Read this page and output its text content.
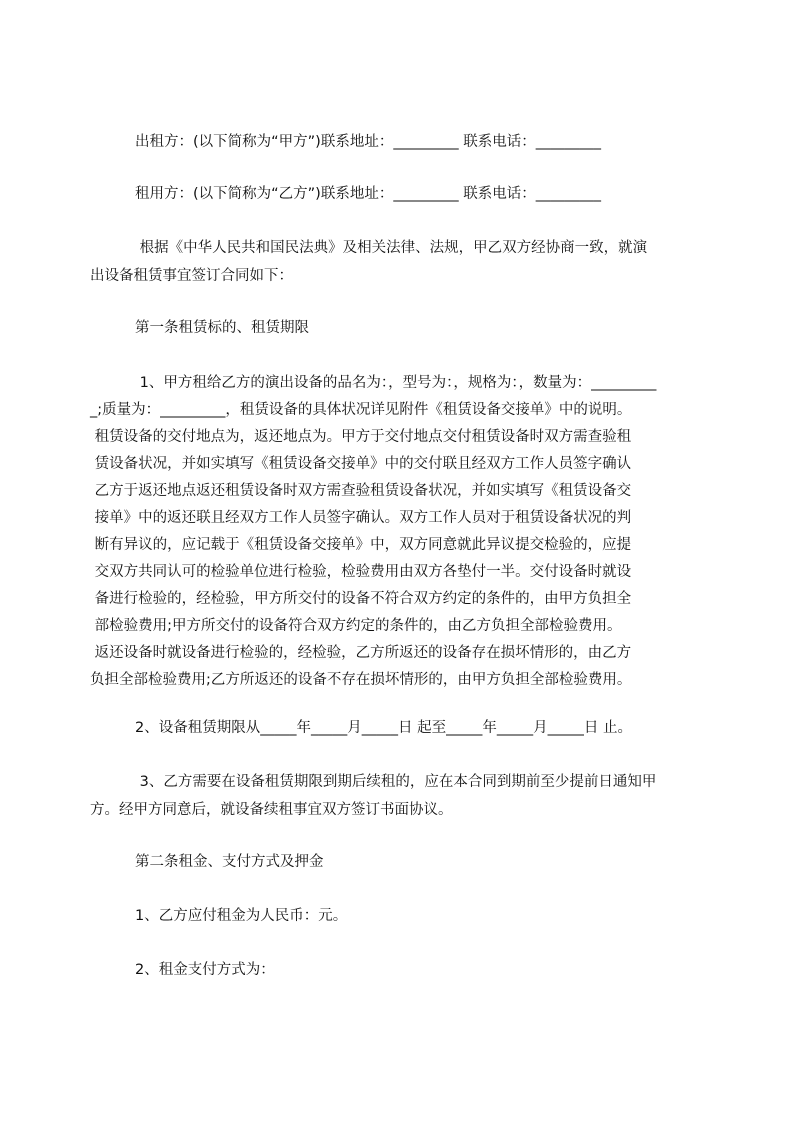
出租方：(以下简称为“甲方”)联系地址：_________ 联系电话：_________
租用方：(以下简称为“乙方”)联系地址：_________ 联系电话：_________
根据《中华人民共和国民法典》及相关法律、法规，甲乙双方经协商一致，就演
出设备租赁事宜签订合同如下：
第一条租赁标的、租赁期限
1、甲方租给乙方的演出设备的品名为：，型号为：，规格为：，数量为：_________
_;质量为：_________，租赁设备的具体状况详见附件《租赁设备交接单》中的说明。
租赁设备的交付地点为，返还地点为。甲方于交付地点交付租赁设备时双方需查验租
赁设备状况，并如实填写《租赁设备交接单》中的交付联且经双方工作人员签字确认
乙方于返还地点返还租赁设备时双方需查验租赁设备状况，并如实填写《租赁设备交
接单》中的返还联且经双方工作人员签字确认。双方工作人员对于租赁设备状况的判
断有异议的，应记载于《租赁设备交接单》中，双方同意就此异议提交检验的，应提
交双方共同认可的检验单位进行检验，检验费用由双方各垫付一半。交付设备时就设
备进行检验的，经检验，甲方所交付的设备不符合双方约定的条件的，由甲方负担全
部检验费用;甲方所交付的设备符合双方约定的条件的，由乙方负担全部检验费用。
返还设备时就设备进行检验的，经检验，乙方所返还的设备存在损坏情形的，由乙方
负担全部检验费用;乙方所返还的设备不存在损坏情形的，由甲方负担全部检验费用。
2、设备租赁期限从_____年_____月_____日 起至_____年_____月_____日 止。
3、乙方需要在设备租赁期限到期后续租的，应在本合同到期前至少提前日通知甲
方。经甲方同意后，就设备续租事宜双方签订书面协议。
第二条租金、支付方式及押金
1、乙方应付租金为人民币：元。
2、租金支付方式为：
